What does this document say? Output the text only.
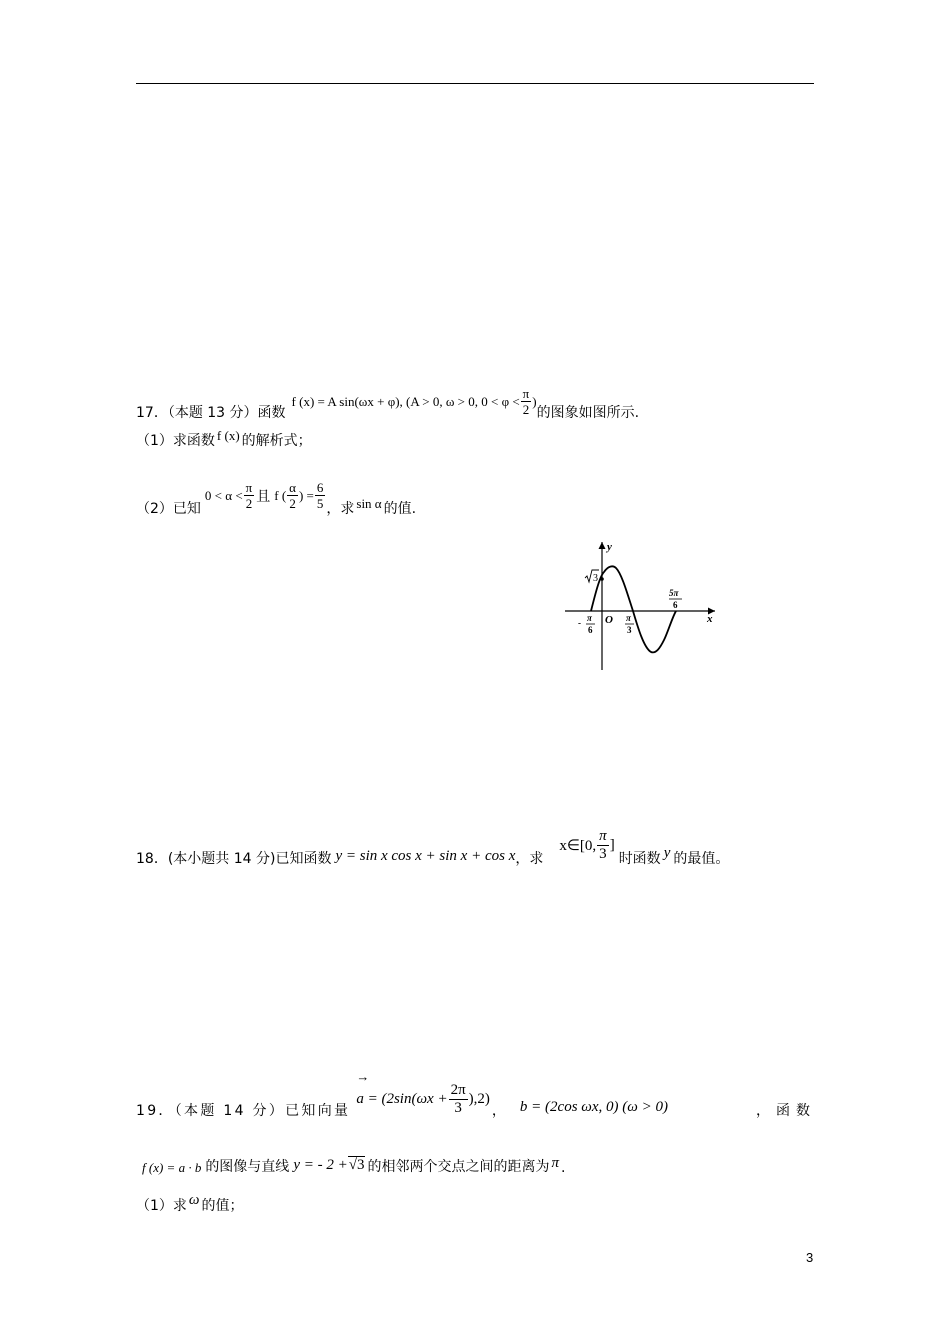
17．（本题 13 分）函数
f (x) = A sin(ωx + φ), (A > 0, ω > 0, $0 < \varphi < \frac{\pi}{2}$ )
的图象如图所示.
（1）求函数 f (x) 的解析式；
（2）已知
$0 < \alpha < \frac{\pi}{2}$ 且 f ( $\frac{\alpha}{2}$ ) = $\frac{6}{5}$ ，求 sin α 的值.
y
x
O
3
- π
6
π
3
5π
6
18．(本小题共 14 分)已知函数 y = sin x cos x + sin x + cos x ，求
x∈[0, $\frac{\pi}{3}$ ]
时函数 y 的最值。
19．（本题 14 分）已知向量
→
$a = (2\sin(\omega x + \frac{2\pi}{3} ),2)$
， b = (2cos ωx, 0) (ω > 0)	，函数
f (x) = a · b 的图像与直线 y = - 2 + √3 的相邻两个交点之间的距离为 π .
（1）求 ω 的值；
3
